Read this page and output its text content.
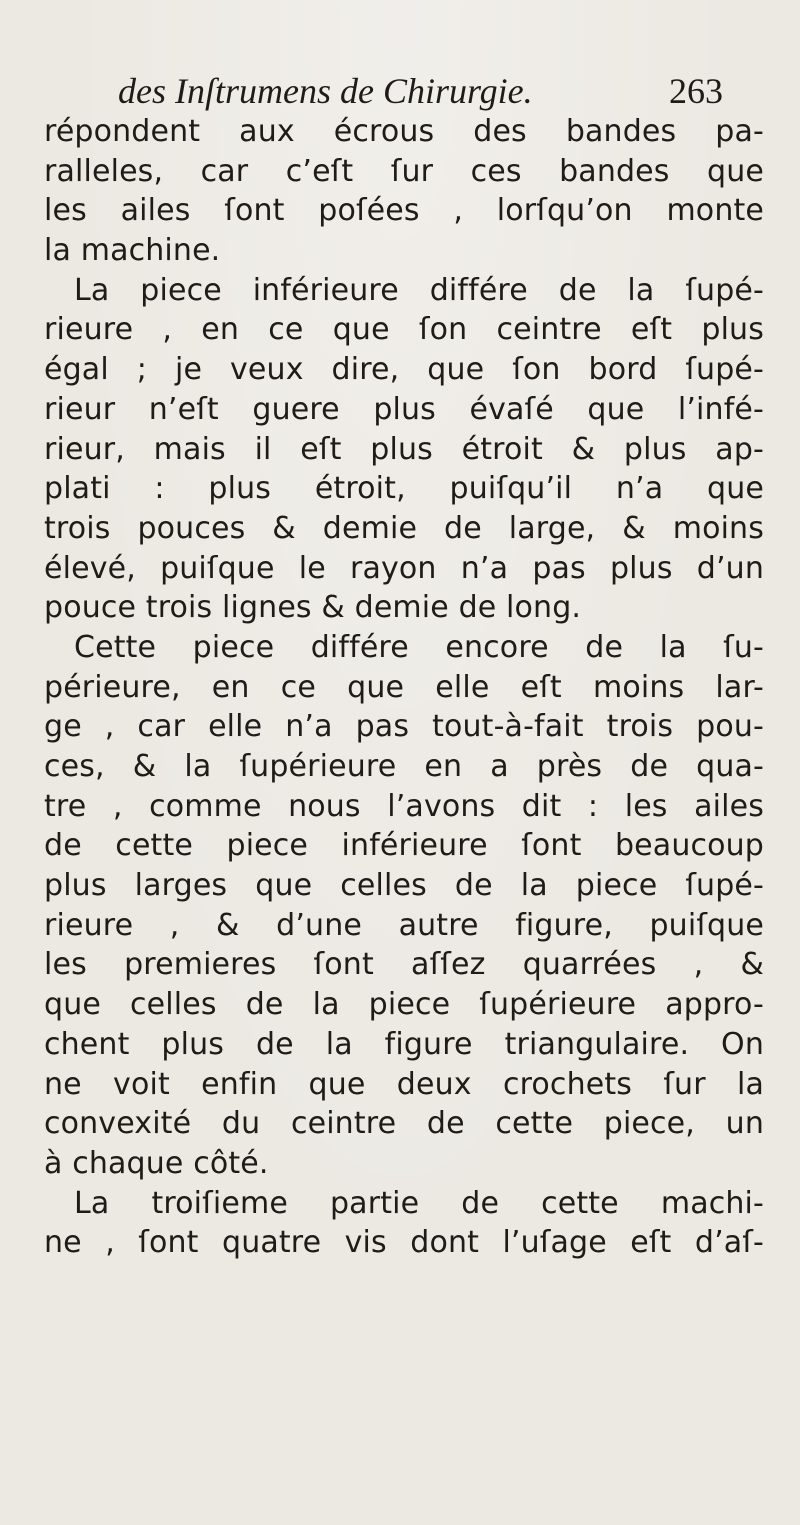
des Inſtrumens de Chirurgie.	263
répondent aux écrous des bandes pa-
ralleles, car c’eſt ſur ces bandes que
les ailes ſont poſées , lorſqu’on monte
la machine.
La piece inférieure différe de la ſupé-
rieure , en ce que ſon ceintre eſt plus
égal ; je veux dire, que ſon bord ſupé-
rieur n’eſt guere plus évaſé que l’infé-
rieur, mais il eſt plus étroit & plus ap-
plati : plus étroit, puiſqu’il n’a que
trois pouces & demie de large, & moins
élevé, puiſque le rayon n’a pas plus d’un
pouce trois lignes & demie de long.
Cette piece différe encore de la ſu-
périeure, en ce que elle eſt moins lar-
ge , car elle n’a pas tout-à-fait trois pou-
ces, & la ſupérieure en a près de qua-
tre , comme nous l’avons dit : les ailes
de cette piece inférieure ſont beaucoup
plus larges que celles de la piece ſupé-
rieure , & d’une autre figure, puiſque
les premieres ſont aſſez quarrées , &
que celles de la piece ſupérieure appro-
chent plus de la figure triangulaire. On
ne voit enfin que deux crochets ſur la
convexité du ceintre de cette piece, un
à chaque côté.
La troiſieme partie de cette machi-
ne , ſont quatre vis dont l’uſage eſt d’aſ-
